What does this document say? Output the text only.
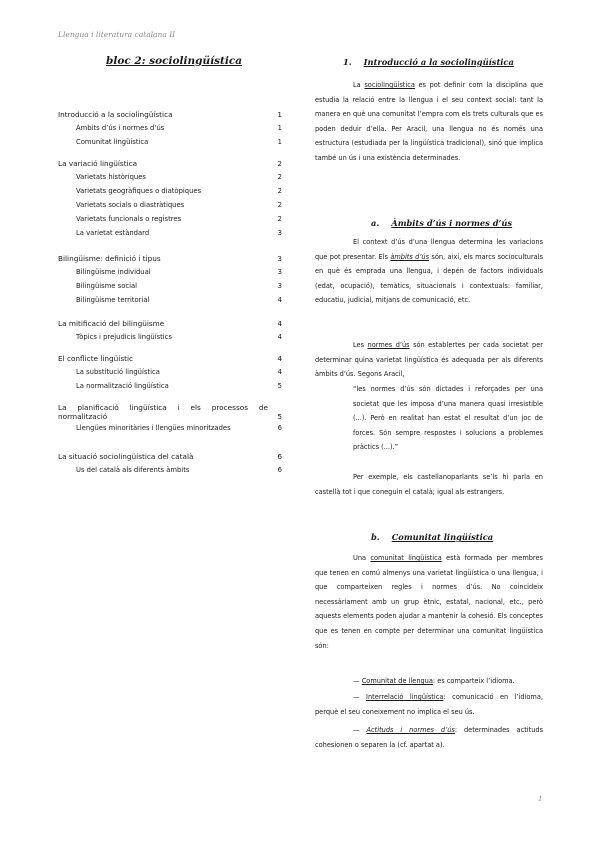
Llengua i literatura catalana II
bloc 2: sociolingüística
Introducció a la sociolingüística	1
Àmbits d’ús i normes d’ús	1
Comunitat lingüística	1
La variació lingüística	2
Varietats històriques	2
Varietats geogràfiques o diatòpiques	2
Varietats socials o diastràtiques	2
Varietats funcionals o registres	2
La varietat estàndard	3
Bilingüisme: definició i tipus	3
Bilingüisme individual	3
Bilingüisme social	3
Bilingüisme territorial	4
La mitificació del bilingüisme	4
Tòpics i prejudicis lingüístics	4
El conflicte lingüístic	4
La substitució lingüística	4
La normalització lingüística	5
La planificació lingüística i els processos de normalització	5
Llengües minoritàries i llengües minoritzades	6
La situació sociolingüística del català	6
Ús del català als diferents àmbits	6
1. Introducció a la sociolingüística

La sociolingüística es pot definir com la disciplina que estudia la relació entre la llengua i el seu context social: tant la manera en què una comunitat l’empra com els trets culturals que es poden deduir d’ella. Per Aracil, una llengua no és només una estructura (estudiada per la lingüística tradicional), sinó que implica també un ús i una existència determinades.

a. Àmbits d’ús i normes d’ús

El context d’ús d’una llengua determina les variacions que pot presentar. Els àmbits d’ús són, així, els marcs socioculturals en què és emprada una llengua, i depén de factors individuals (edat, ocupació), temàtics, situacionals i contextuals: familiar, educatiu, judicial, mitjans de comunicació, etc.

Les normes d’ús són establertes per cada societat per determinar quina varietat lingüística és adequada per als diferents àmbits d’ús. Segons Aracil,

“les normes d’ús són dictades i reforçades per una societat que les imposa d’una manera quasi irresistible (...). Però en realitat han estat el resultat d’un joc de forces. Són sempre respostes i solucions a problemes pràctics (...).”

Per exemple, els castellanoparlants se’ls hi parla en castellà tot i que coneguin el català; igual als estrangers.

b. Comunitat lingüística

Una comunitat lingüística està formada per membres que tenen en comú almenys una varietat lingüística o una llengua, i que comparteixen regles i normes d’ús. No coincideix necessàriament amb un grup ètnic, estatal, nacional, etc., però aquests elements poden ajudar a mantenir la cohesió. Els conceptes que es tenen en compte per determinar una comunitat lingüística són:

— Comunitat de llengua: es comparteix l’idioma.

— Interrelació lingüística: comunicació en l’idioma, perquè el seu coneixement no implica el seu ús.

— Actituds i normes d’ús: determinades actituds cohesionen o separen la (cf. apartat a).

1
